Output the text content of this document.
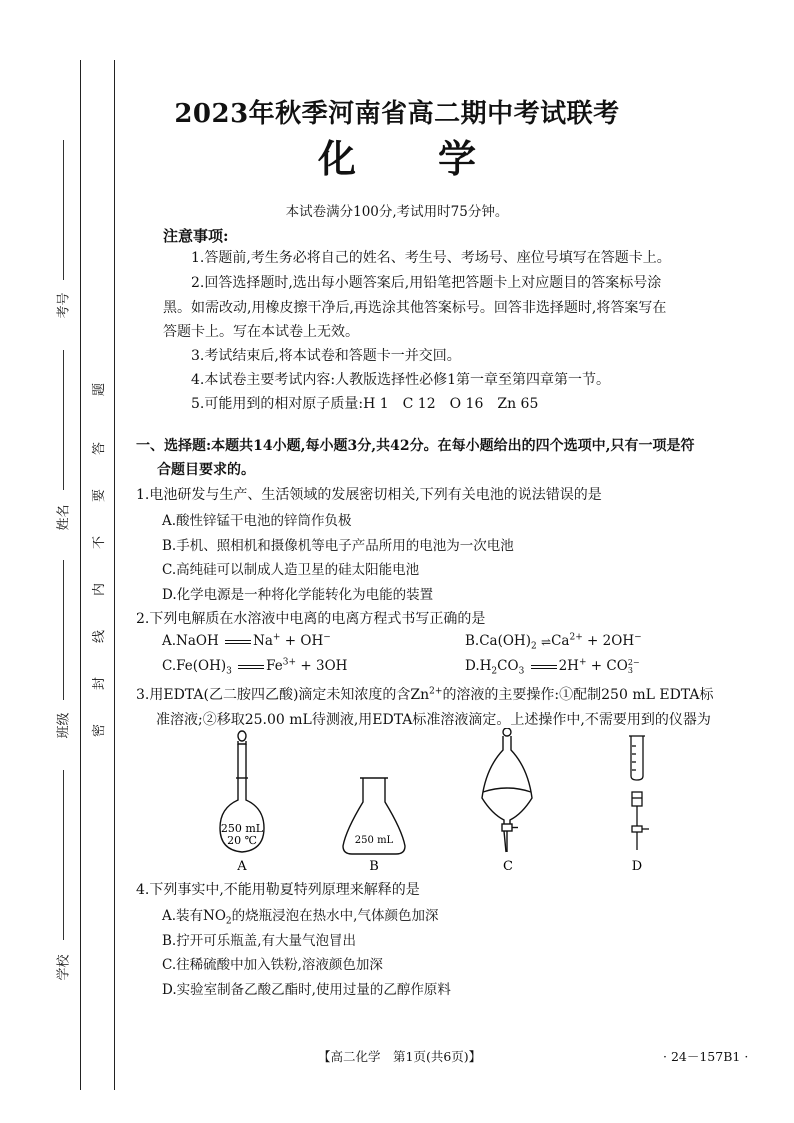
考号
姓名
班级
学校
密
封
线
内
不
要
答
题
2023年秋季河南省高二期中考试联考
化 学
本试卷满分100分,考试用时75分钟。
注意事项:
1.答题前,考生务必将自己的姓名、考生号、考场号、座位号填写在答题卡上。
2.回答选择题时,选出每小题答案后,用铅笔把答题卡上对应题目的答案标号涂
黑。如需改动,用橡皮擦干净后,再选涂其他答案标号。回答非选择题时,将答案写在
答题卡上。写在本试卷上无效。
3.考试结束后,将本试卷和答题卡一并交回。
4.本试卷主要考试内容:人教版选择性必修1第一章至第四章第一节。
5.可能用到的相对原子质量:H 1　C 12　O 16　Zn 65
一、选择题:本题共14小题,每小题3分,共42分。在每小题给出的四个选项中,只有一项是符
合题目要求的。
1.电池研发与生产、生活领域的发展密切相关,下列有关电池的说法错误的是
A.酸性锌锰干电池的锌筒作负极
B.手机、照相机和摄像机等电子产品所用的电池为一次电池
C.高纯硅可以制成人造卫星的硅太阳能电池
D.化学电源是一种将化学能转化为电能的装置
2.下列电解质在水溶液中电离的电离方程式书写正确的是
A.NaOH	Na+ + OH−	$B.Ca(OH)_2$ $\rightleftharpoons Ca^{2+} + 2OH^-$
$C.Fe(OH)_3$	$Fe^{3+} + 3OH$	$D.H_2CO_3$	2H+ + CO 2−
3
3.用EDTA(乙二胺四乙酸)滴定未知浓度的含$Zn^{2+}$的溶液的主要操作:①配制250 mL EDTA标
准溶液;②移取25.00 mL待测液,用EDTA标准溶液滴定。上述操作中,不需要用到的仪器为
250 mL
20 ℃
A
250 mL
B	C	D
4.下列事实中,不能用勒夏特列原理来解释的是
A.装有$NO_2$的烧瓶浸泡在热水中,气体颜色加深
B.拧开可乐瓶盖,有大量气泡冒出
C.往稀硫酸中加入铁粉,溶液颜色加深
D.实验室制备乙酸乙酯时,使用过量的乙醇作原料
【高二化学　第1页(共6页)】	· 24－157B1 ·
